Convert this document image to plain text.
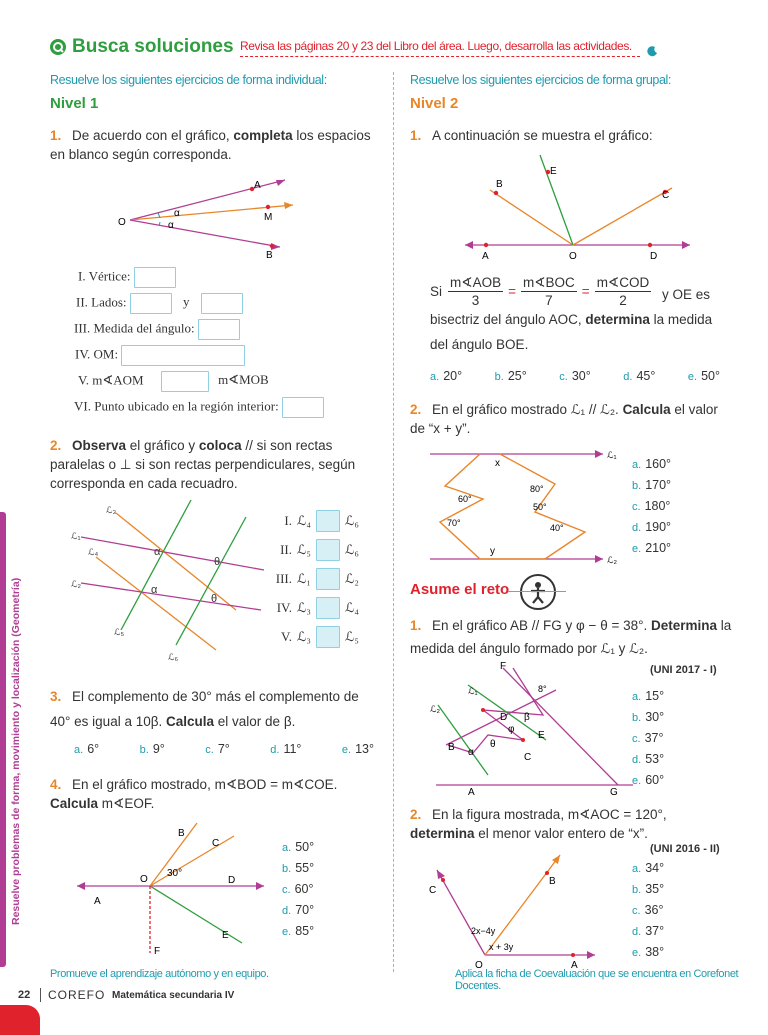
Busca soluciones Revisa las páginas 20 y 23 del Libro del área. Luego, desarrolla las actividades.
Resuelve los siguientes ejercicios de forma individual:
Nivel 1
1. De acuerdo con el gráfico, completa los espacios en blanco según corresponda.
A
M
B
O
α
α
I. Vértice:
II. Lados:	y
III. Medida del ángulo:
IV. OM:
V. m∢AOM	m∢MOB
VI. Punto ubicado en la región interior:
2. Observa el gráfico y coloca // si son rectas paralelas o ⊥ si son rectas perpendiculares, según corresponda en cada recuadro.
ℒ₃
ℒ₁
ℒ₄
ℒ₂
ℒ₅
ℒ₆
α
α
θ
θ
I. ℒ₄	ℒ₆
II. ℒ₅	ℒ₆
III. ℒ₁	ℒ₂
IV. ℒ₃	ℒ₄
V. ℒ₃	ℒ₅
3. El complemento de 30° más el complemento de 40° es igual a 10β. Calcula el valor de β.
a. 6°	b. 9°	c. 7°	d. 11°	e. 13°
4. En el gráfico mostrado, m∢BOD = m∢COE. Calcula m∢EOF.
A
O
B
C
D
E
F
30°
a. 50°
b. 55°
c. 60°
d. 70°
e. 85°
Promueve el aprendizaje autónomo y en equipo.
Resuelve los siguientes ejercicios de forma grupal:
Nivel 2
1. A continuación se muestra el gráfico:
B
E
C
A	O	D
Si
m∢AOB
3
=
m∢BOC
7
=
m∢COD
2	y OE es bisectriz del ángulo AOC, determina la medida del ángulo BOE.
a. 20°	b. 25°	c. 30°	d. 45°	e. 50°
2. En el gráfico mostrado ℒ₁ // ℒ₂. Calcula el valor de “x + y”.
ℒ₁
ℒ₂
x
y
60°
70°
80°
50°
40°
a. 160°
b. 170°
c. 180°
d. 190°
e. 210°
Asume el reto
1. En el gráfico AB // FG y φ − θ = 38°. Determina la medida del ángulo formado por ℒ₁ y ℒ₂.
(UNI 2017 - I)
F
ℒ₁
ℒ₂
D
E
B
C
A	G
8°
φ
θ
α
β
a. 15°
b. 30°
c. 37°
d. 53°
e. 60°
2. En la figura mostrada, m∢AOC = 120°, determina el menor valor entero de “x”.
(UNI 2016 - II)
C
B
A
O
2x−4y
x + 3y
a. 34°
b. 35°
c. 36°
d. 37°
e. 38°
Aplica la ficha de Coevaluación que se encuentra en Corefonet Docentes.
Resuelve problemas de forma, movimiento y localización (Geometría)
22 COREFO Matemática secundaria IV
